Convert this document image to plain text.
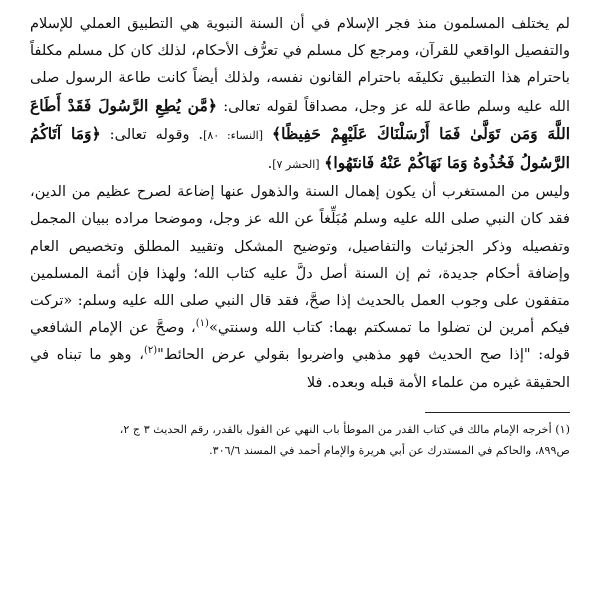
لم يختلف المسلمون منذ فجر الإسلام في أن السنة النبوية هي التطبيق العملي للإسلام والتفصيل الواقعي للقرآن، ومرجع كل مسلم في تعرُّف الأحكام، لذلك كان كل مسلم مكلفاً باحترام هذا التطبيق تكليفَه باحترام القانون نفسه، ولذلك أيضاً كانت طاعة الرسول صلى الله عليه وسلم طاعة لله عز وجل، مصداقاً لقوله تعالى: ﴿مَّن يُطِعِ الرَّسُولَ فَقَدْ أَطَاعَ اللَّهَ وَمَن تَوَلَّىٰ فَمَا أَرْسَلْنَاكَ عَلَيْهِمْ حَفِيظًا﴾ [النساء: ٨٠]. وقوله تعالى: ﴿وَمَا آتَاكُمُ الرَّسُولُ فَخُذُوهُ وَمَا نَهَاكُمْ عَنْهُ فَانتَهُوا﴾ [الحشر ٧].

وليس من المستغرب أن يكون إهمال السنة والذهول عنها إضاعة لصرح عظيم من الدين، فقد كان النبي صلى الله عليه وسلم مُبَلِّغاً عن الله عز وجل، وموضحا مراده ببيان المجمل وتفصيله وذكر الجزئيات والتفاصيل، وتوضيح المشكل وتقييد المطلق وتخصيص العام وإضافة أحكام جديدة، ثم إن السنة أصل دلَّ عليه كتاب الله؛ ولهذا فإن أئمة المسلمين متفقون على وجوب العمل بالحديث إذا صحَّ، فقد قال النبي صلى الله عليه وسلم: «تركت فيكم أمرين لن تضلوا ما تمسكتم بهما: كتاب الله وسنتي»$^{(١)}$، وصحَّ عن الإمام الشافعي قوله: "إذا صح الحديث فهو مذهبي واضربوا بقولي عرض الحائط"$^{(٢)}$، وهو ما تبناه في الحقيقة غيره من علماء الأمة قبله وبعده. فلا

(١) أخرجه الإمام مالك في كتاب القدر من الموطأ باب النهي عن القول بالقدر، رقم الحديث ٣ ج ٢،

ص٨٩٩، والحاكم في المستدرك عن أبي هريرة والإمام أحمد في المسند ٣٠٦/٦.
